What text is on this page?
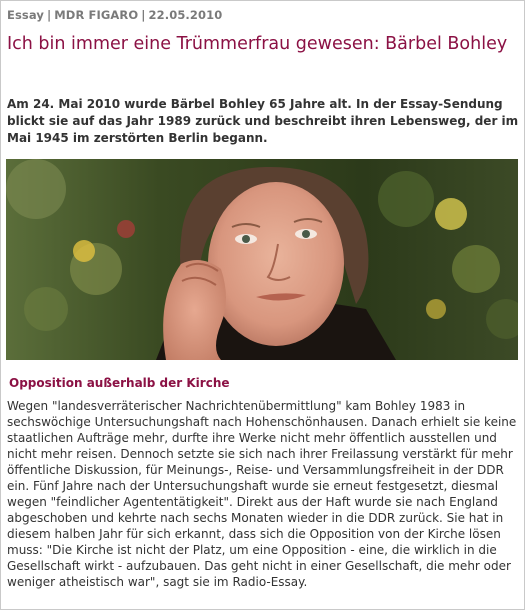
Essay | MDR FIGARO | 22.05.2010
Ich bin immer eine Trümmerfrau gewesen: Bärbel Bohley

Am 24. Mai 2010 wurde Bärbel Bohley 65 Jahre alt. In der Essay-Sendung blickt sie auf das Jahr 1989 zurück und beschreibt ihren Lebensweg, der im Mai 1945 im zerstörten Berlin begann.

Opposition außerhalb der Kirche

Wegen "landesverräterischer Nachrichtenübermittlung" kam Bohley 1983 in sechswöchige Untersuchungshaft nach Hohenschönhausen. Danach erhielt sie keine staatlichen Aufträge mehr, durfte ihre Werke nicht mehr öffentlich ausstellen und nicht mehr reisen. Dennoch setzte sie sich nach ihrer Freilassung verstärkt für mehr öffentliche Diskussion, für Meinungs-, Reise- und Versammlungsfreiheit in der DDR ein. Fünf Jahre nach der Untersuchungshaft wurde sie erneut festgesetzt, diesmal wegen "feindlicher Agententätigkeit". Direkt aus der Haft wurde sie nach England abgeschoben und kehrte nach sechs Monaten wieder in die DDR zurück. Sie hat in diesem halben Jahr für sich erkannt, dass sich die Opposition von der Kirche lösen muss: "Die Kirche ist nicht der Platz, um eine Opposition - eine, die wirklich in die Gesellschaft wirkt - aufzubauen. Das geht nicht in einer Gesellschaft, die mehr oder weniger atheistisch war", sagt sie im Radio-Essay.
